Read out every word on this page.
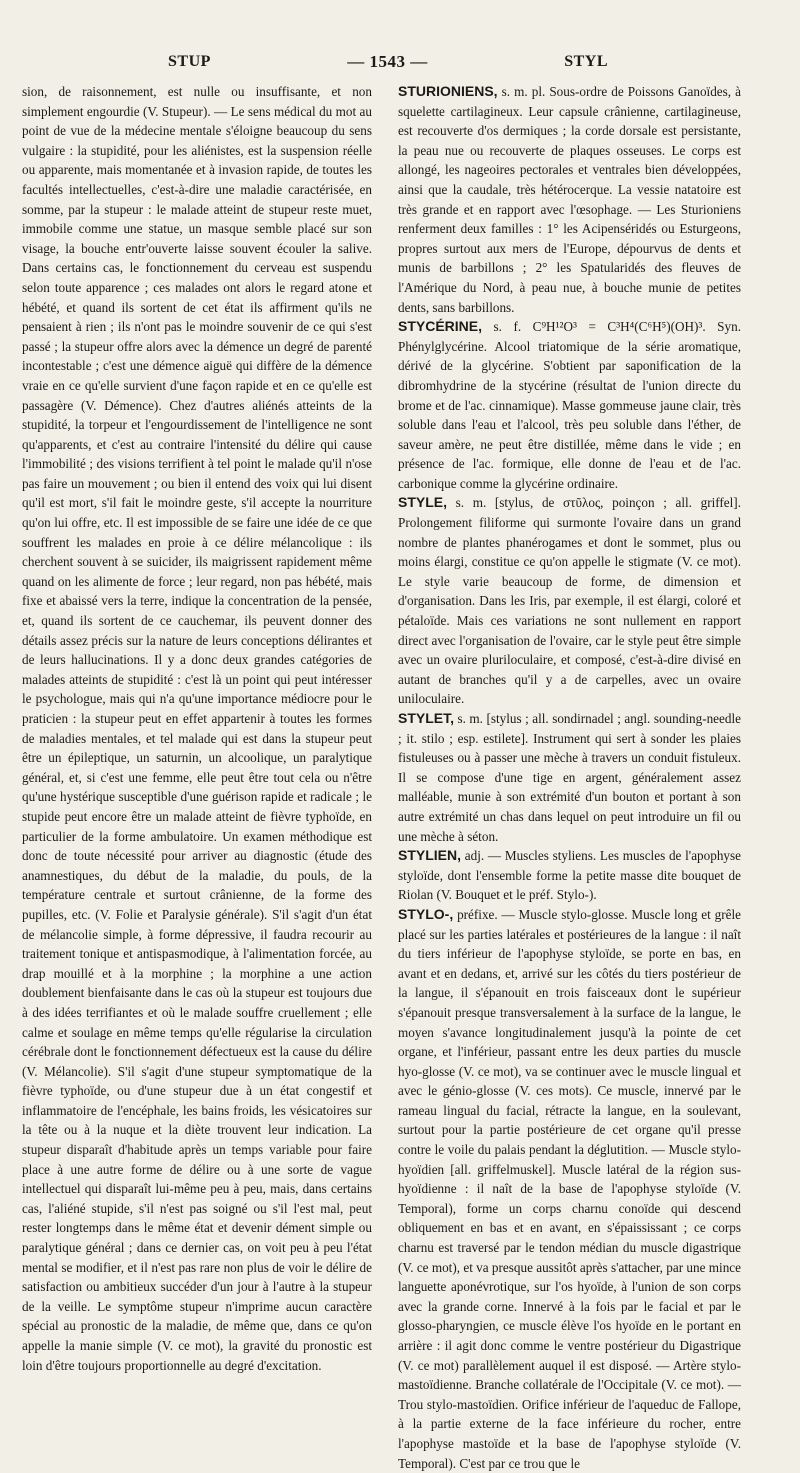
STUP	— 1543 —	STYL

sion, de raisonnement, est nulle ou insuffisante, et non simplement engourdie (V. Stupeur). — Le sens médical du mot au point de vue de la médecine mentale s'éloigne beaucoup du sens vulgaire : la stupidité, pour les aliénistes, est la suspension réelle ou apparente, mais momentanée et à invasion rapide, de toutes les facultés intellectuelles, c'est-à-dire une maladie caractérisée, en somme, par la stupeur : le malade atteint de stupeur reste muet, immobile comme une statue, un masque semble placé sur son visage, la bouche entr'ouverte laisse souvent écouler la salive. Dans certains cas, le fonctionnement du cerveau est suspendu selon toute apparence ; ces malades ont alors le regard atone et hébété, et quand ils sortent de cet état ils affirment qu'ils ne pensaient à rien ; ils n'ont pas le moindre souvenir de ce qui s'est passé ; la stupeur offre alors avec la démence un degré de parenté incontestable ; c'est une démence aiguë qui diffère de la démence vraie en ce qu'elle survient d'une façon rapide et en ce qu'elle est passagère (V. Démence). Chez d'autres aliénés atteints de la stupidité, la torpeur et l'engourdissement de l'intelligence ne sont qu'apparents, et c'est au contraire l'intensité du délire qui cause l'immobilité ; des visions terrifient à tel point le malade qu'il n'ose pas faire un mouvement ; ou bien il entend des voix qui lui disent qu'il est mort, s'il fait le moindre geste, s'il accepte la nourriture qu'on lui offre, etc. Il est impossible de se faire une idée de ce que souffrent les malades en proie à ce délire mélancolique : ils cherchent souvent à se suicider, ils maigrissent rapidement même quand on les alimente de force ; leur regard, non pas hébété, mais fixe et abaissé vers la terre, indique la concentration de la pensée, et, quand ils sortent de ce cauchemar, ils peuvent donner des détails assez précis sur la nature de leurs conceptions délirantes et de leurs hallucinations. Il y a donc deux grandes catégories de malades atteints de stupidité : c'est là un point qui peut intéresser le psychologue, mais qui n'a qu'une importance médiocre pour le praticien : la stupeur peut en effet appartenir à toutes les formes de maladies mentales, et tel malade qui est dans la stupeur peut être un épileptique, un saturnin, un alcoolique, un paralytique général, et, si c'est une femme, elle peut être tout cela ou n'être qu'une hystérique susceptible d'une guérison rapide et radicale ; le stupide peut encore être un malade atteint de fièvre typhoïde, en particulier de la forme ambulatoire. Un examen méthodique est donc de toute nécessité pour arriver au diagnostic (étude des anamnestiques, du début de la maladie, du pouls, de la température centrale et surtout crânienne, de la forme des pupilles, etc. (V. Folie et Paralysie générale). S'il s'agit d'un état de mélancolie simple, à forme dépressive, il faudra recourir au traitement tonique et antispasmodique, à l'alimentation forcée, au drap mouillé et à la morphine ; la morphine a une action doublement bienfaisante dans le cas où la stupeur est toujours due à des idées terrifiantes et où le malade souffre cruellement ; elle calme et soulage en même temps qu'elle régularise la circulation cérébrale dont le fonctionnement défectueux est la cause du délire (V. Mélancolie). S'il s'agit d'une stupeur symptomatique de la fièvre typhoïde, ou d'une stupeur due à un état congestif et inflammatoire de l'encéphale, les bains froids, les vésicatoires sur la tête ou à la nuque et la diète trouvent leur indication. La stupeur disparaît d'habitude après un temps variable pour faire place à une autre forme de délire ou à une sorte de vague intellectuel qui disparaît lui-même peu à peu, mais, dans certains cas, l'aliéné stupide, s'il n'est pas soigné ou s'il l'est mal, peut rester longtemps dans le même état et devenir dément simple ou paralytique général ; dans ce dernier cas, on voit peu à peu l'état mental se modifier, et il n'est pas rare non plus de voir le délire de satisfaction ou ambitieux succéder d'un jour à l'autre à la stupeur de la veille. Le symptôme stupeur n'imprime aucun caractère spécial au pronostic de la maladie, de même que, dans ce qu'on appelle la manie simple (V. ce mot), la gravité du pronostic est loin d'être toujours proportionnelle au degré d'excitation.

STURIONIENS, s. m. pl. Sous-ordre de Poissons Ganoïdes, à squelette cartilagineux. Leur capsule crânienne, cartilagineuse, est recouverte d'os dermiques ; la corde dorsale est persistante, la peau nue ou recouverte de plaques osseuses. Le corps est allongé, les nageoires pectorales et ventrales bien développées, ainsi que la caudale, très hétérocerque. La vessie natatoire est très grande et en rapport avec l'œsophage. — Les Sturioniens renferment deux familles : 1° les Acipenséridés ou Esturgeons, propres surtout aux mers de l'Europe, dépourvus de dents et munis de barbillons ; 2° les Spatularidés des fleuves de l'Amérique du Nord, à peau nue, à bouche munie de petites dents, sans barbillons.

STYCÉRINE, s. f. C⁹H¹²O³ = C³H⁴(C⁶H⁵)(OH)³. Syn. Phénylglycérine. Alcool triatomique de la série aromatique, dérivé de la glycérine. S'obtient par saponification de la dibromhydrine de la stycérine (résultat de l'union directe du brome et de l'ac. cinnamique). Masse gommeuse jaune clair, très soluble dans l'eau et l'alcool, très peu soluble dans l'éther, de saveur amère, ne peut être distillée, même dans le vide ; en présence de l'ac. formique, elle donne de l'eau et de l'ac. carbonique comme la glycérine ordinaire.

STYLE, s. m. [stylus, de στῦλος, poinçon ; all. griffel]. Prolongement filiforme qui surmonte l'ovaire dans un grand nombre de plantes phanérogames et dont le sommet, plus ou moins élargi, constitue ce qu'on appelle le stigmate (V. ce mot). Le style varie beaucoup de forme, de dimension et d'organisation. Dans les Iris, par exemple, il est élargi, coloré et pétaloïde. Mais ces variations ne sont nullement en rapport direct avec l'organisation de l'ovaire, car le style peut être simple avec un ovaire pluriloculaire, et composé, c'est-à-dire divisé en autant de branches qu'il y a de carpelles, avec un ovaire uniloculaire.

STYLET, s. m. [stylus ; all. sondirnadel ; angl. sounding-needle ; it. stilo ; esp. estilete]. Instrument qui sert à sonder les plaies fistuleuses ou à passer une mèche à travers un conduit fistuleux. Il se compose d'une tige en argent, généralement assez malléable, munie à son extrémité d'un bouton et portant à son autre extrémité un chas dans lequel on peut introduire un fil ou une mèche à séton.

STYLIEN, adj. — Muscles styliens. Les muscles de l'apophyse styloïde, dont l'ensemble forme la petite masse dite bouquet de Riolan (V. Bouquet et le préf. Stylo-).

STYLO-, préfixe. — Muscle stylo-glosse. Muscle long et grêle placé sur les parties latérales et postérieures de la langue : il naît du tiers inférieur de l'apophyse styloïde, se porte en bas, en avant et en dedans, et, arrivé sur les côtés du tiers postérieur de la langue, il s'épanouit en trois faisceaux dont le supérieur s'épanouit presque transversalement à la surface de la langue, le moyen s'avance longitudinalement jusqu'à la pointe de cet organe, et l'inférieur, passant entre les deux parties du muscle hyo-glosse (V. ce mot), va se continuer avec le muscle lingual et avec le génio-glosse (V. ces mots). Ce muscle, innervé par le rameau lingual du facial, rétracte la langue, en la soulevant, surtout pour la partie postérieure de cet organe qu'il presse contre le voile du palais pendant la déglutition. — Muscle stylo-hyoïdien [all. griffelmuskel]. Muscle latéral de la région sus-hyoïdienne : il naît de la base de l'apophyse styloïde (V. Temporal), forme un corps charnu conoïde qui descend obliquement en bas et en avant, en s'épaississant ; ce corps charnu est traversé par le tendon médian du muscle digastrique (V. ce mot), et va presque aussitôt après s'attacher, par une mince languette aponévrotique, sur l'os hyoïde, à l'union de son corps avec la grande corne. Innervé à la fois par le facial et par le glosso-pharyngien, ce muscle élève l'os hyoïde en le portant en arrière : il agit donc comme le ventre postérieur du Digastrique (V. ce mot) parallèlement auquel il est disposé. — Artère stylo-mastoïdienne. Branche collatérale de l'Occipitale (V. ce mot). — Trou stylo-mastoïdien. Orifice inférieur de l'aqueduc de Fallope, à la partie externe de la face inférieure du rocher, entre l'apophyse mastoïde et la base de l'apophyse styloïde (V. Temporal). C'est par ce trou que le
